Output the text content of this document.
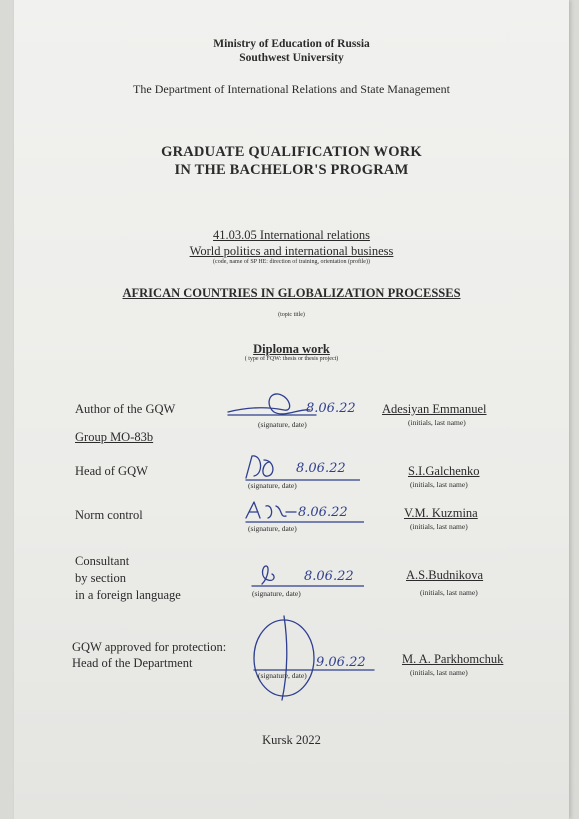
Ministry of Education of Russia
Southwest University
The Department of International Relations and State Management
GRADUATE QUALIFICATION WORK
IN THE BACHELOR'S PROGRAM
41.03.05 International relations
World politics and international business
(code, name of SP HE: direction of training, orientation (profile))
AFRICAN COUNTRIES IN GLOBALIZATION PROCESSES
(topic title)
Diploma work
( type of FQW: thesis or thesis project)
Author of the GQW
Group MO-83b
8.06.22
(signature, date)
Adesiyan Emmanuel
(initials, last name)
Head of GQW	8.06.22
(signature, date)
S.I.Galchenko
(initials, last name)
Norm control	8.06.22
(signature, date)
V.M. Kuzmina
(initials, last name)
Consultant
by section
in a foreign language
8.06.22
(signature, date)
A.S.Budnikova
(initials, last name)
GQW approved for protection:
Head of the Department	9.06.22
(signature, date)
M. A. Parkhomchuk
(initials, last name)
Kursk 2022
